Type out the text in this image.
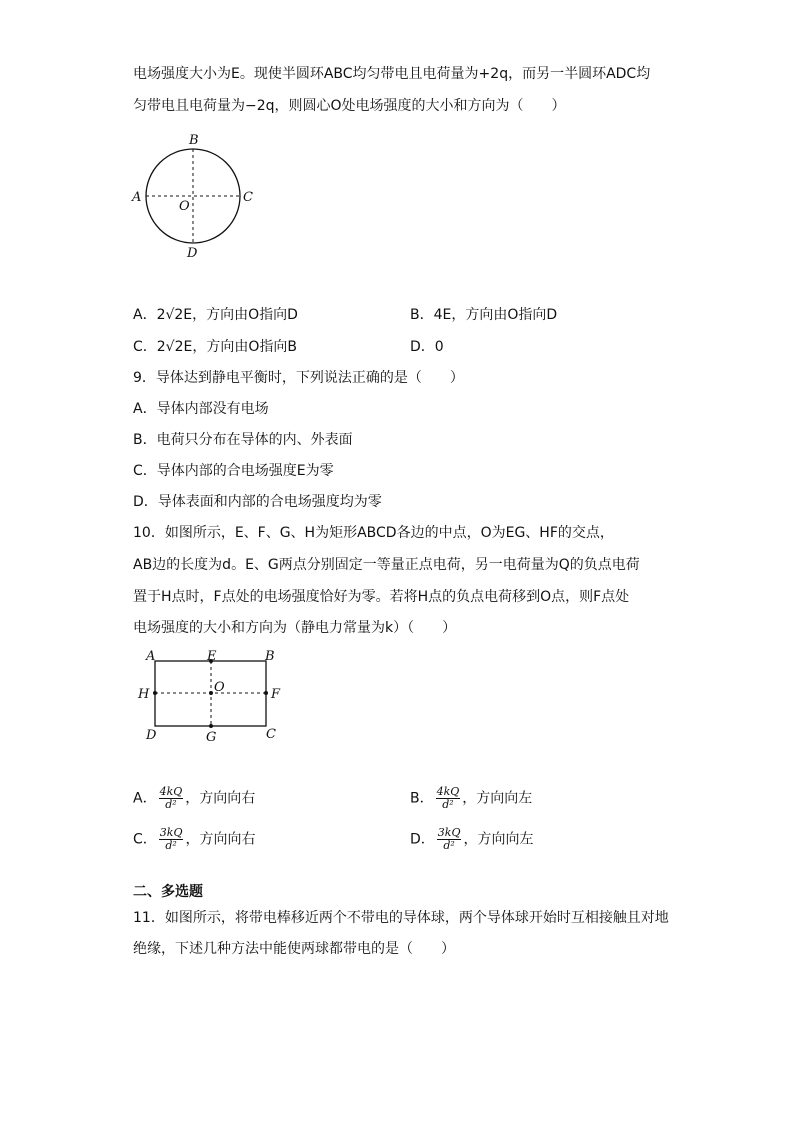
电场强度大小为E。现使半圆环ABC均匀带电且电荷量为+2q，而另一半圆环ADC均
匀带电且电荷量为−2q，则圆心O处电场强度的大小和方向为（　　）
B
A	C
O
D
A．2√2E，方向由O指向D	B．4E，方向由O指向D
C．2√2E，方向由O指向B	D．0
9．导体达到静电平衡时，下列说法正确的是（　　）
A．导体内部没有电场
B．电荷只分布在导体的内、外表面
C．导体内部的合电场强度E为零
D．导体表面和内部的合电场强度均为零
10．如图所示，E、F、G、H为矩形ABCD各边的中点，O为EG、HF的交点，
AB边的长度为d。E、G两点分别固定一等量正点电荷，另一电荷量为Q的负点电荷
置于H点时，F点处的电场强度恰好为零。若将H点的负点电荷移到O点，则F点处
电场强度的大小和方向为（静电力常量为k）（　　）
A	E	B
H	O	F
D	G	C
A． $\frac{4kQ}{\text{d²}}$ ，方向向右	B． $\frac{4kQ}{\text{d²}}$ ，方向向左
C． $\frac{3kQ}{\text{d²}}$ ，方向向右	D． $\frac{3kQ}{\text{d²}}$ ，方向向左
二、多选题
11．如图所示，将带电棒移近两个不带电的导体球，两个导体球开始时互相接触且对地
绝缘，下述几种方法中能使两球都带电的是（　　）
